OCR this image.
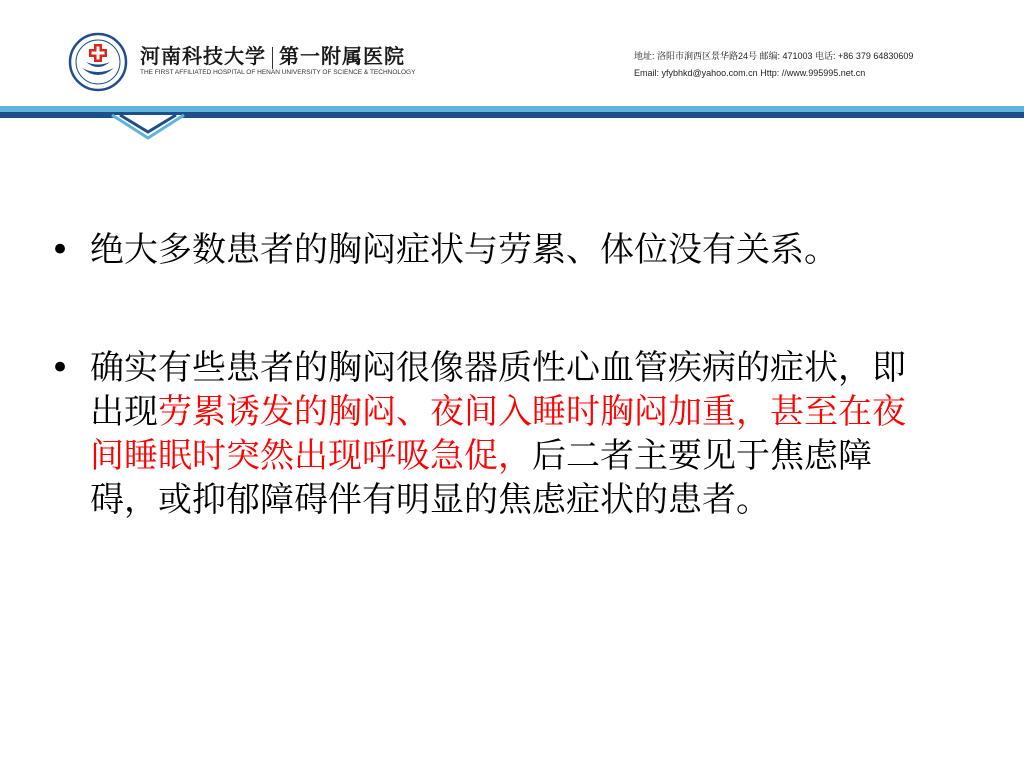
河南科技大学 第一附属医院
THE FIRST AFFILIATED HOSPITAL OF HENAN UNIVERSITY OF SCIENCE & TECHNOLOGY
地址: 洛阳市涧西区景华路24号 邮编: 471003 电话: +86 379 64830609
Email: yfybhkd@yahoo.com.cn Http: //www.995995.net.cn
• 绝大多数患者的胸闷症状与劳累、体位没有关系。
• 确实有些患者的胸闷很像器质性心血管疾病的症状，即出现劳累诱发的胸闷、夜间入睡时胸闷加重，甚至在夜间睡眠时突然出现呼吸急促，后二者主要见于焦虑障碍，或抑郁障碍伴有明显的焦虑症状的患者。
